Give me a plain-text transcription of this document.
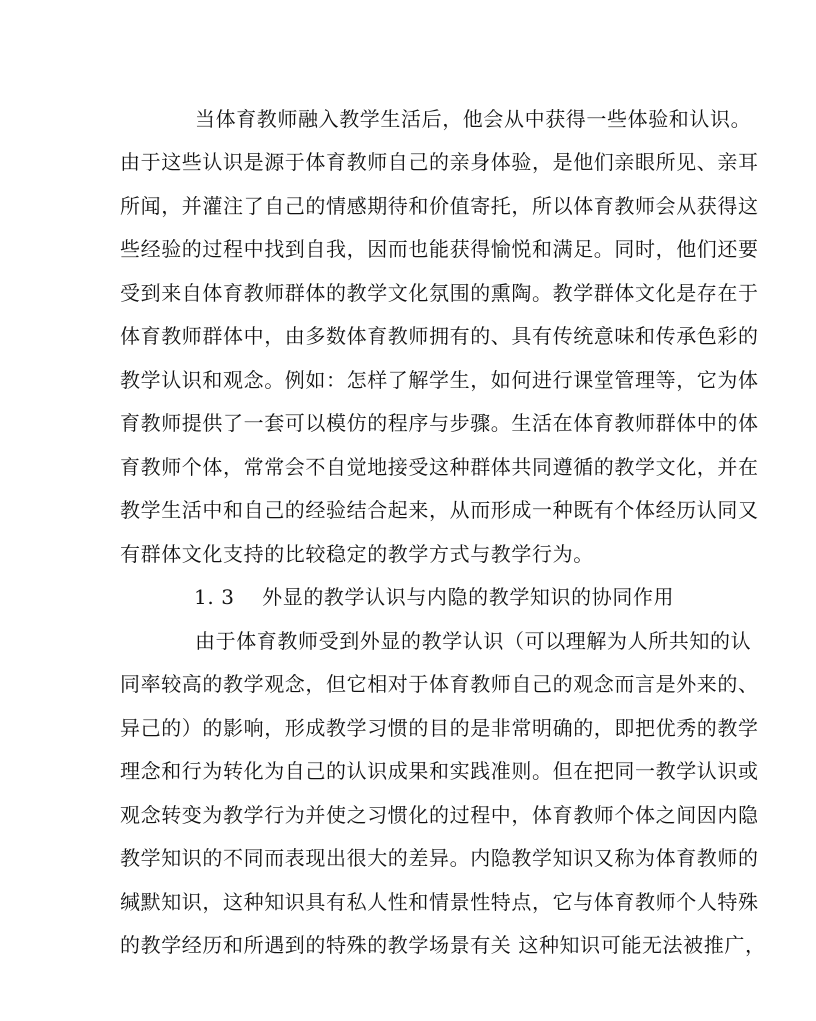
当体育教师融入教学生活后，他会从中获得一些体验和认识。
由于这些认识是源于体育教师自己的亲身体验，是他们亲眼所见、亲耳
所闻，并灌注了自己的情感期待和价值寄托，所以体育教师会从获得这
些经验的过程中找到自我，因而也能获得愉悦和满足。同时，他们还要
受到来自体育教师群体的教学文化氛围的熏陶。教学群体文化是存在于
体育教师群体中，由多数体育教师拥有的、具有传统意味和传承色彩的
教学认识和观念。例如：怎样了解学生，如何进行课堂管理等，它为体
育教师提供了一套可以模仿的程序与步骤。生活在体育教师群体中的体
育教师个体，常常会不自觉地接受这种群体共同遵循的教学文化，并在
教学生活中和自己的经验结合起来，从而形成一种既有个体经历认同又
有群体文化支持的比较稳定的教学方式与教学行为。
1. 3　 外显的教学认识与内隐的教学知识的协同作用
由于体育教师受到外显的教学认识（可以理解为人所共知的认
同率较高的教学观念，但它相对于体育教师自己的观念而言是外来的、
异己的）的影响，形成教学习惯的目的是非常明确的，即把优秀的教学
理念和行为转化为自己的认识成果和实践准则。但在把同一教学认识或
观念转变为教学行为并使之习惯化的过程中，体育教师个体之间因内隐
教学知识的不同而表现出很大的差异。内隐教学知识又称为体育教师的
缄默知识，这种知识具有私人性和情景性特点，它与体育教师个人特殊
的教学经历和所遇到的特殊的教学场景有关 这种知识可能无法被推广，
